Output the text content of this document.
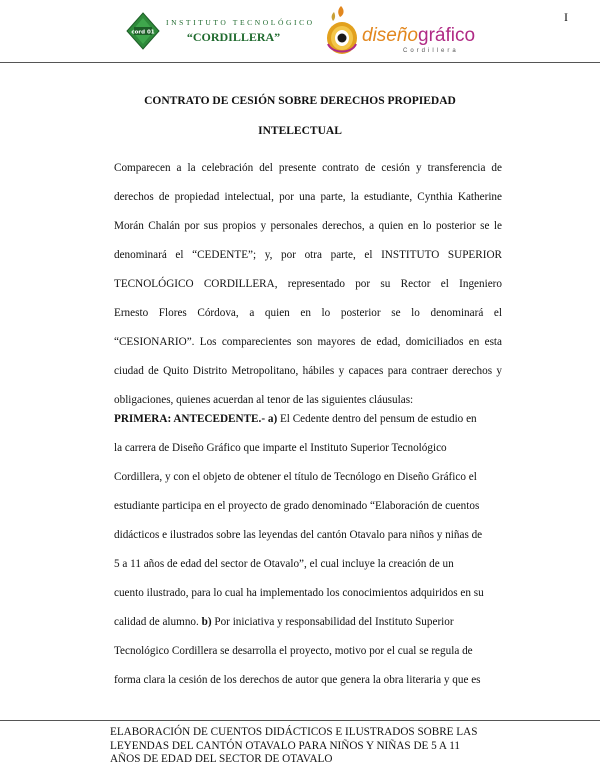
cord 01
INSTITUTO TECNOLÓGICO
“CORDILLERA”	diseñográfico
Cordillera
I
CONTRATO DE CESIÓN SOBRE DERECHOS PROPIEDAD
INTELECTUAL
Comparecen a la celebración del presente contrato de cesión y transferencia de
derechos de propiedad intelectual, por una parte, la estudiante, Cynthia Katherine
Morán Chalán por sus propios y personales derechos, a quien en lo posterior se le
denominará el “CEDENTE”; y, por otra parte, el INSTITUTO SUPERIOR
TECNOLÓGICO CORDILLERA, representado por su Rector el Ingeniero
Ernesto Flores Córdova, a quien en lo posterior se lo denominará el
“CESIONARIO”. Los comparecientes son mayores de edad, domiciliados en esta
ciudad de Quito Distrito Metropolitano, hábiles y capaces para contraer derechos y
obligaciones, quienes acuerdan al tenor de las siguientes cláusulas:
PRIMERA: ANTECEDENTE.- a) El Cedente dentro del pensum de estudio en
la carrera de Diseño Gráfico que imparte el Instituto Superior Tecnológico
Cordillera, y con el objeto de obtener el título de Tecnólogo en Diseño Gráfico el
estudiante participa en el proyecto de grado denominado “Elaboración de cuentos
didácticos e ilustrados sobre las leyendas del cantón Otavalo para niños y niñas de
5 a 11 años de edad del sector de Otavalo”, el cual incluye la creación de un
cuento ilustrado, para lo cual ha implementado los conocimientos adquiridos en su
calidad de alumno. b) Por iniciativa y responsabilidad del Instituto Superior
Tecnológico Cordillera se desarrolla el proyecto, motivo por el cual se regula de
forma clara la cesión de los derechos de autor que genera la obra literaria y que es
ELABORACIÓN DE CUENTOS DIDÁCTICOS E ILUSTRADOS SOBRE LAS
LEYENDAS DEL CANTÓN OTAVALO PARA NIÑOS Y NIÑAS DE 5 A 11
AÑOS DE EDAD DEL SECTOR DE OTAVALO
